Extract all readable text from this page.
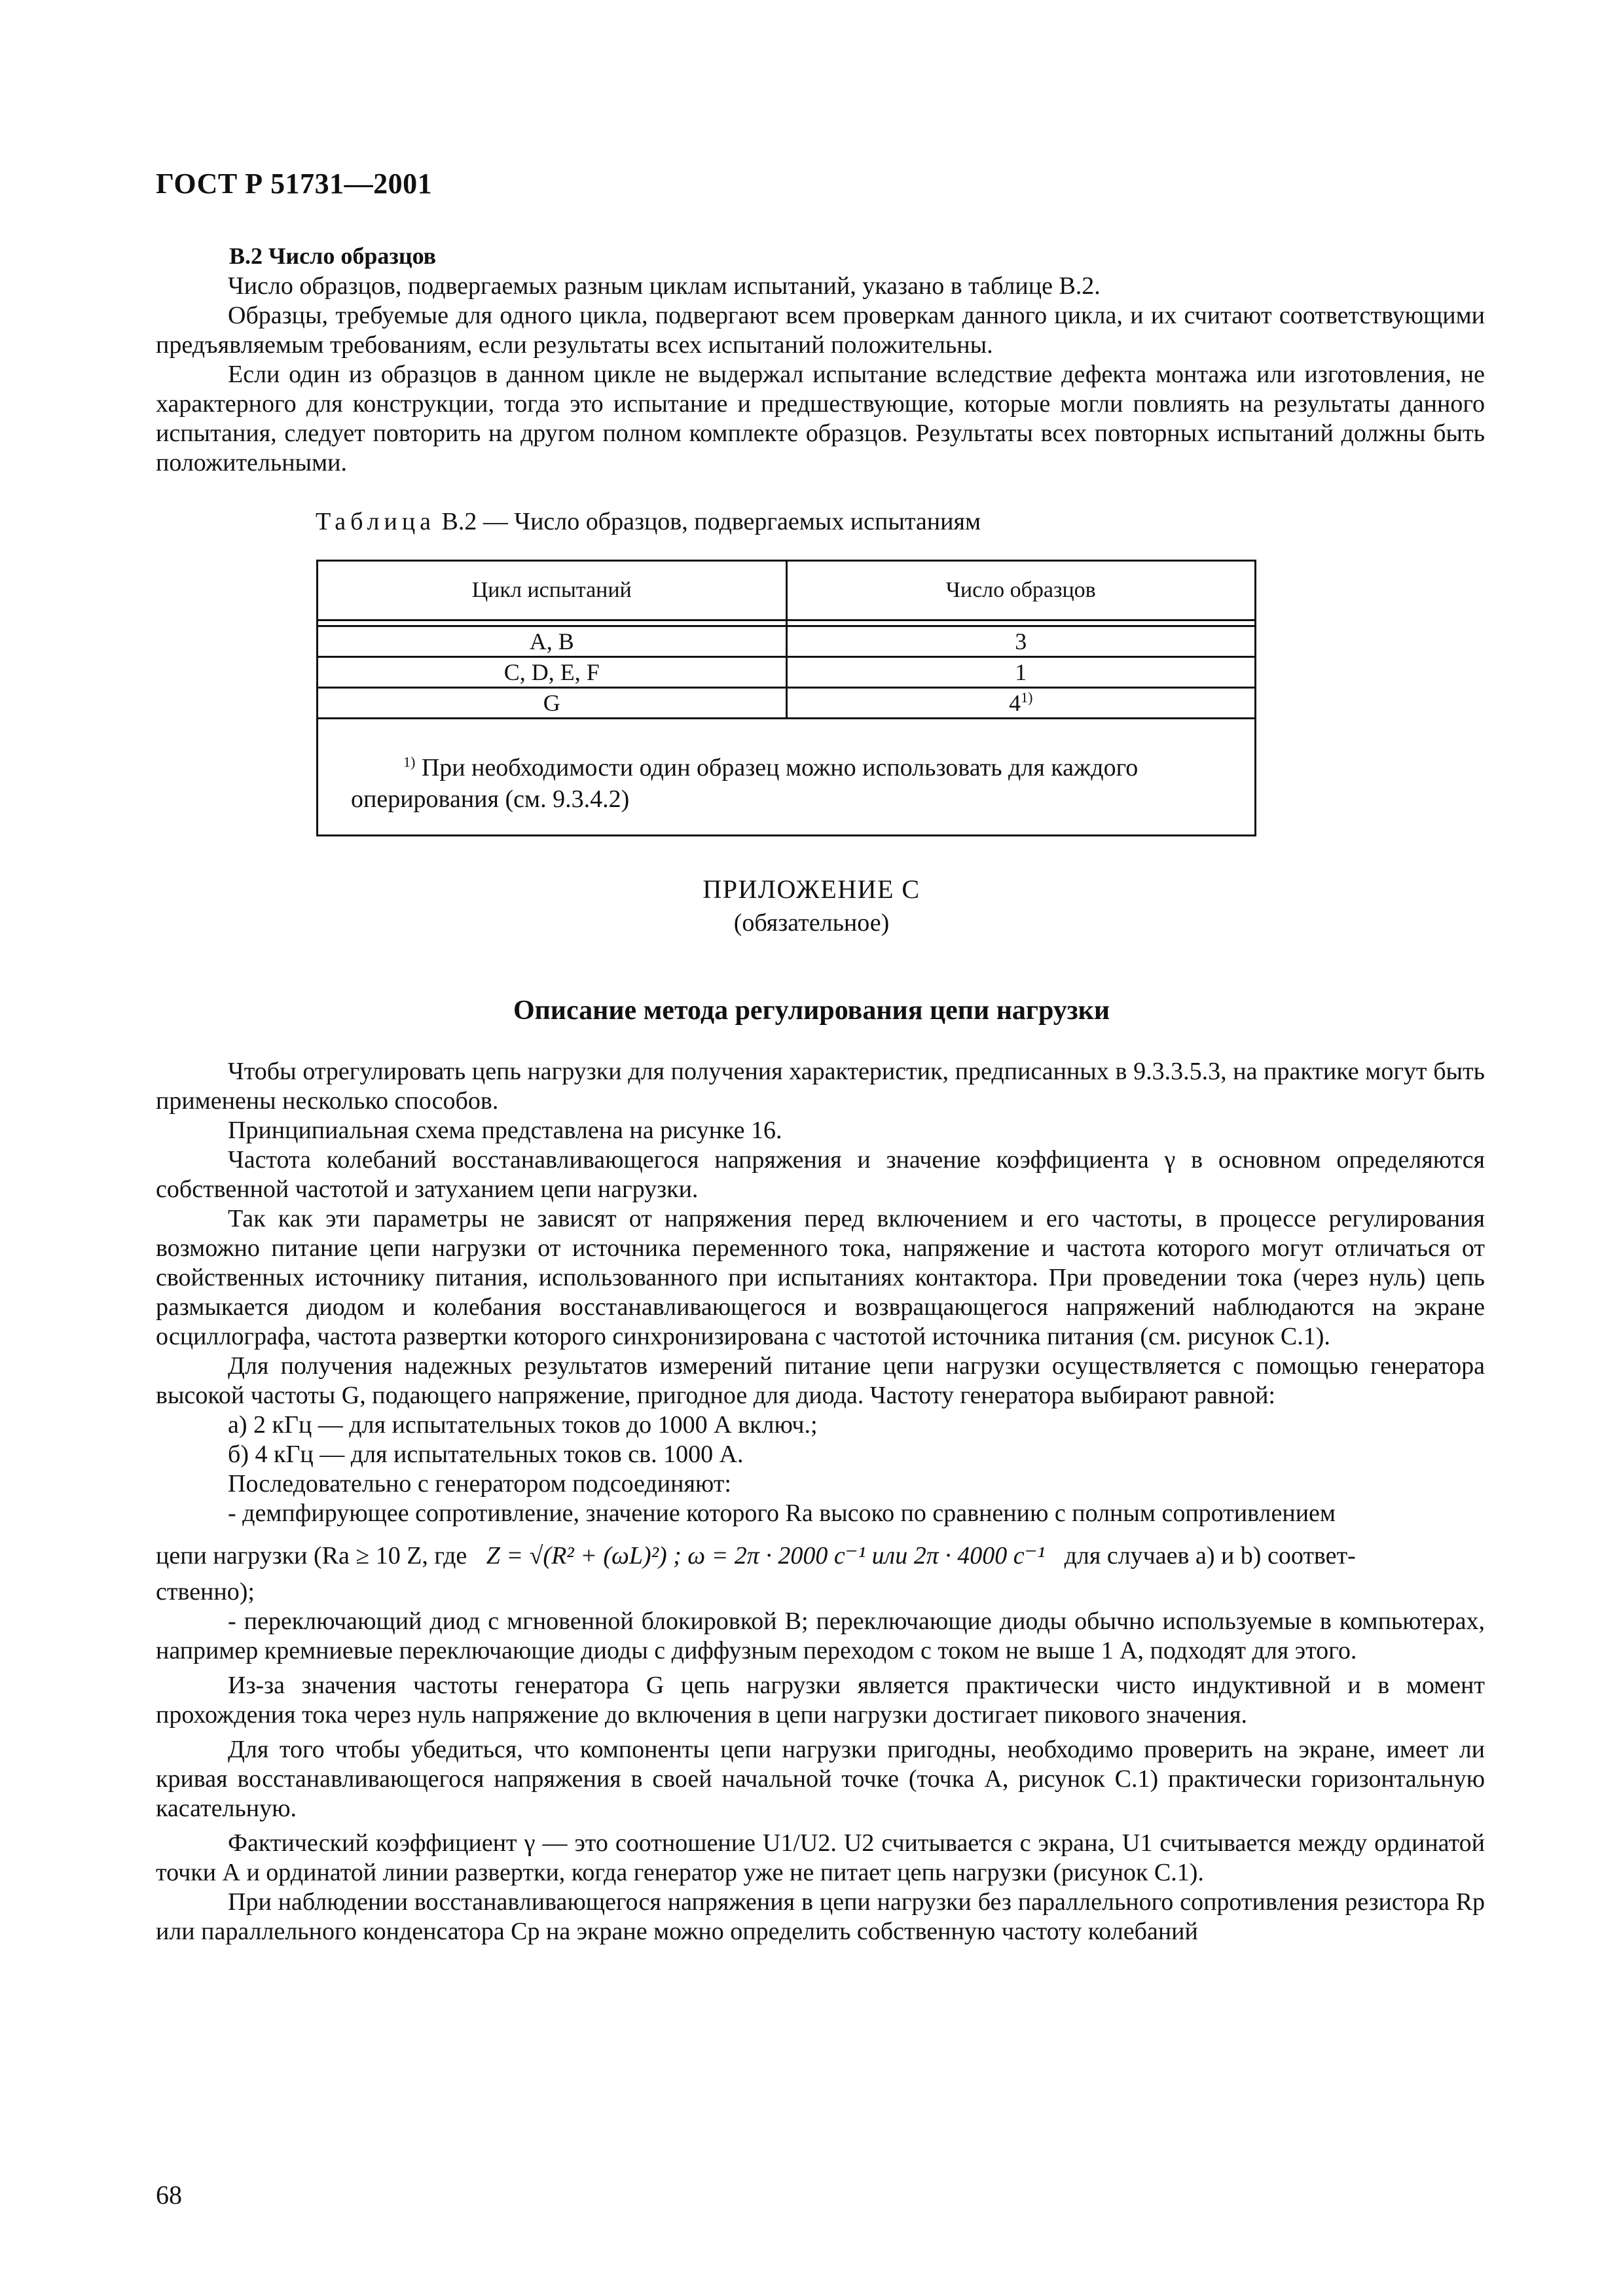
ГОСТ Р 51731—2001
В.2 Число образцов

Число образцов, подвергаемых разным циклам испытаний, указано в таблице В.2.

Образцы, требуемые для одного цикла, подвергают всем проверкам данного цикла, и их считают соответствующими предъявляемым требованиям, если результаты всех испытаний положительны.

Если один из образцов в данном цикле не выдержал испытание вследствие дефекта монтажа или изготовления, не характерного для конструкции, тогда это испытание и предшествующие, которые могли повлиять на результаты данного испытания, следует повторить на другом полном комплекте образцов. Результаты всех повторных испытаний должны быть положительными.

Таблица В.2 — Число образцов, подвергаемых испытаниям
Цикл испытаний	Число образцов

А, В	3
С, D, E, F	1
G	4$^{1)}$
$^{1)}$ При необходимости один образец можно использовать для каждого оперирования (см. 9.3.4.2)	
ПРИЛОЖЕНИЕ С
(обязательное)
Описание метода регулирования цепи нагрузки

Чтобы отрегулировать цепь нагрузки для получения характеристик, предписанных в 9.3.3.5.3, на практике могут быть применены несколько способов.

Принципиальная схема представлена на рисунке 16.

Частота колебаний восстанавливающегося напряжения и значение коэффициента γ в основном определяются собственной частотой и затуханием цепи нагрузки.

Так как эти параметры не зависят от напряжения перед включением и его частоты, в процессе регулирования возможно питание цепи нагрузки от источника переменного тока, напряжение и частота которого могут отличаться от свойственных источнику питания, использованного при испытаниях контактора. При проведении тока (через нуль) цепь размыкается диодом и колебания восстанавливающегося и возвращающегося напряжений наблюдаются на экране осциллографа, частота развертки которого синхронизирована с частотой источника питания (см. рисунок С.1).

Для получения надежных результатов измерений питание цепи нагрузки осуществляется с помощью генератора высокой частоты G, подающего напряжение, пригодное для диода. Частоту генератора выбирают равной:

а) 2 кГц — для испытательных токов до 1000 А включ.;

б) 4 кГц — для испытательных токов св. 1000 А.

Последовательно с генератором подсоединяют:

- демпфирующее сопротивление, значение которого Rа высоко по сравнению с полным сопротивлением

цепи нагрузки (Rа ≥ 10 Z, где Z = √(R² + (ωL)²) ; ω = 2π · 2000 с⁻¹ или 2π · 4000 с⁻¹ для случаев а) и b) соответ-

ственно);

- переключающий диод с мгновенной блокировкой B; переключающие диоды обычно используемые в компьютерах, например кремниевые переключающие диоды с диффузным переходом с током не выше 1 А, подходят для этого.

Из-за значения частоты генератора G цепь нагрузки является практически чисто индуктивной и в момент прохождения тока через нуль напряжение до включения в цепи нагрузки достигает пикового значения.

Для того чтобы убедиться, что компоненты цепи нагрузки пригодны, необходимо проверить на экране, имеет ли кривая восстанавливающегося напряжения в своей начальной точке (точка А, рисунок С.1) практически горизонтальную касательную.

Фактический коэффициент γ — это соотношение U1/U2. U2 считывается с экрана, U1 считывается между ординатой точки А и ординатой линии развертки, когда генератор уже не питает цепь нагрузки (рисунок С.1).

При наблюдении восстанавливающегося напряжения в цепи нагрузки без параллельного сопротивления резистора Rр или параллельного конденсатора Cр на экране можно определить собственную частоту колебаний

68
